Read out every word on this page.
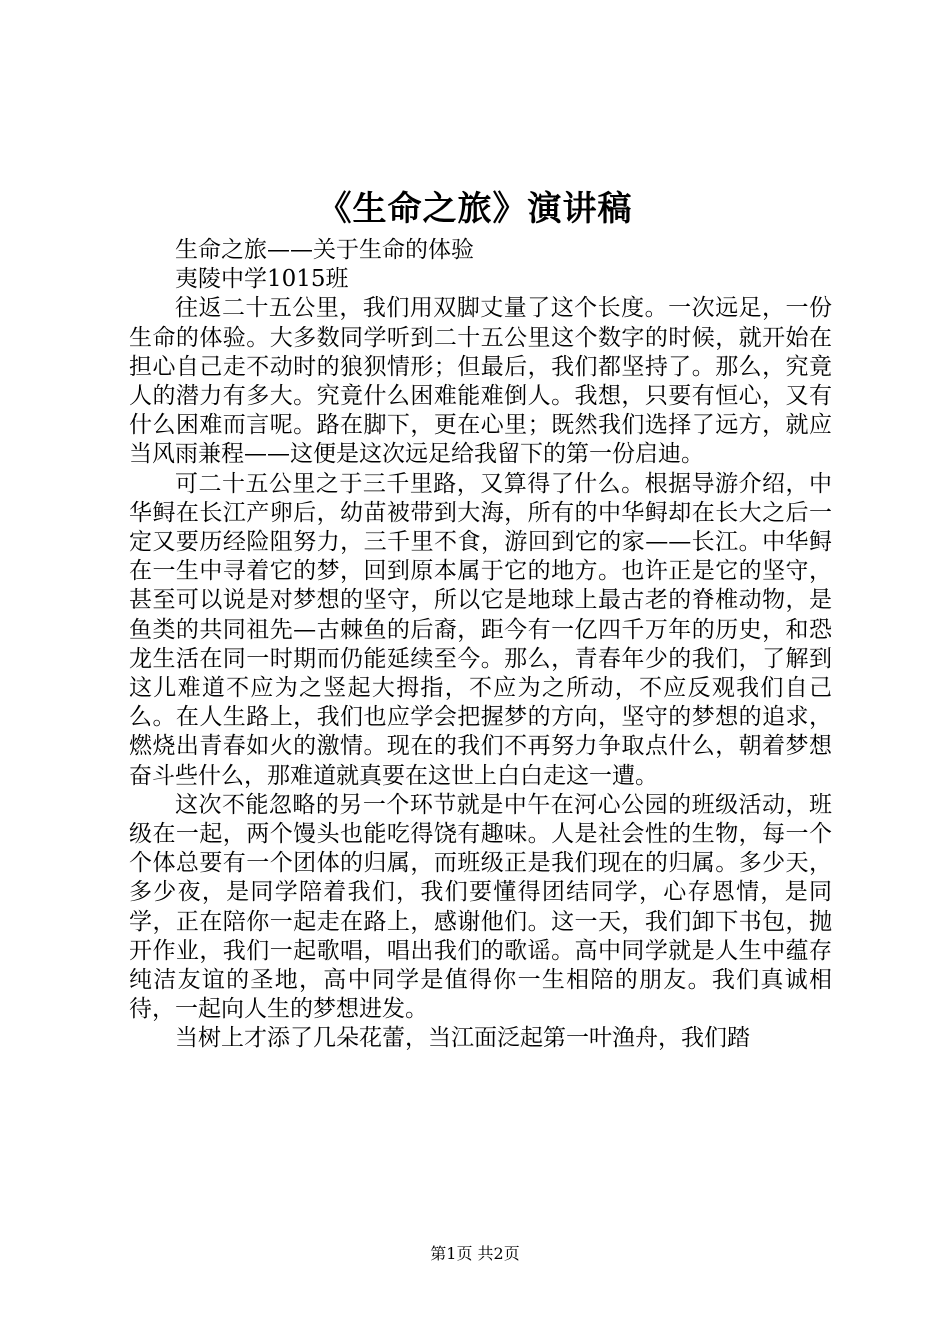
《生命之旅》演讲稿

生命之旅——关于生命的体验

夷陵中学1015班

往返二十五公里，我们用双脚丈量了这个长度。一次远足，一份生命的体验。大多数同学听到二十五公里这个数字的时候，就开始在担心自己走不动时的狼狈情形；但最后，我们都坚持了。那么，究竟人的潜力有多大。究竟什么困难能难倒人。我想，只要有恒心，又有什么困难而言呢。路在脚下，更在心里；既然我们选择了远方，就应当风雨兼程——这便是这次远足给我留下的第一份启迪。

可二十五公里之于三千里路，又算得了什么。根据导游介绍，中华鲟在长江产卵后，幼苗被带到大海，所有的中华鲟却在长大之后一定又要历经险阻努力，三千里不食，游回到它的家——长江。中华鲟在一生中寻着它的梦，回到原本属于它的地方。也许正是它的坚守，甚至可以说是对梦想的坚守，所以它是地球上最古老的脊椎动物，是鱼类的共同祖先—古棘鱼的后裔，距今有一亿四千万年的历史，和恐龙生活在同一时期而仍能延续至今。那么，青春年少的我们，了解到这儿难道不应为之竖起大拇指，不应为之所动，不应反观我们自己么。在人生路上，我们也应学会把握梦的方向，坚守的梦想的追求，燃烧出青春如火的激情。现在的我们不再努力争取点什么，朝着梦想奋斗些什么，那难道就真要在这世上白白走这一遭。

这次不能忽略的另一个环节就是中午在河心公园的班级活动，班级在一起，两个馒头也能吃得饶有趣味。人是社会性的生物，每一个个体总要有一个团体的归属，而班级正是我们现在的归属。多少天，多少夜，是同学陪着我们，我们要懂得团结同学，心存恩情，是同学，正在陪你一起走在路上，感谢他们。这一天，我们卸下书包，抛开作业，我们一起歌唱，唱出我们的歌谣。高中同学就是人生中蕴存纯洁友谊的圣地，高中同学是值得你一生相陪的朋友。我们真诚相待，一起向人生的梦想进发。

当树上才添了几朵花蕾，当江面泛起第一叶渔舟，我们踏

第1页 共2页
